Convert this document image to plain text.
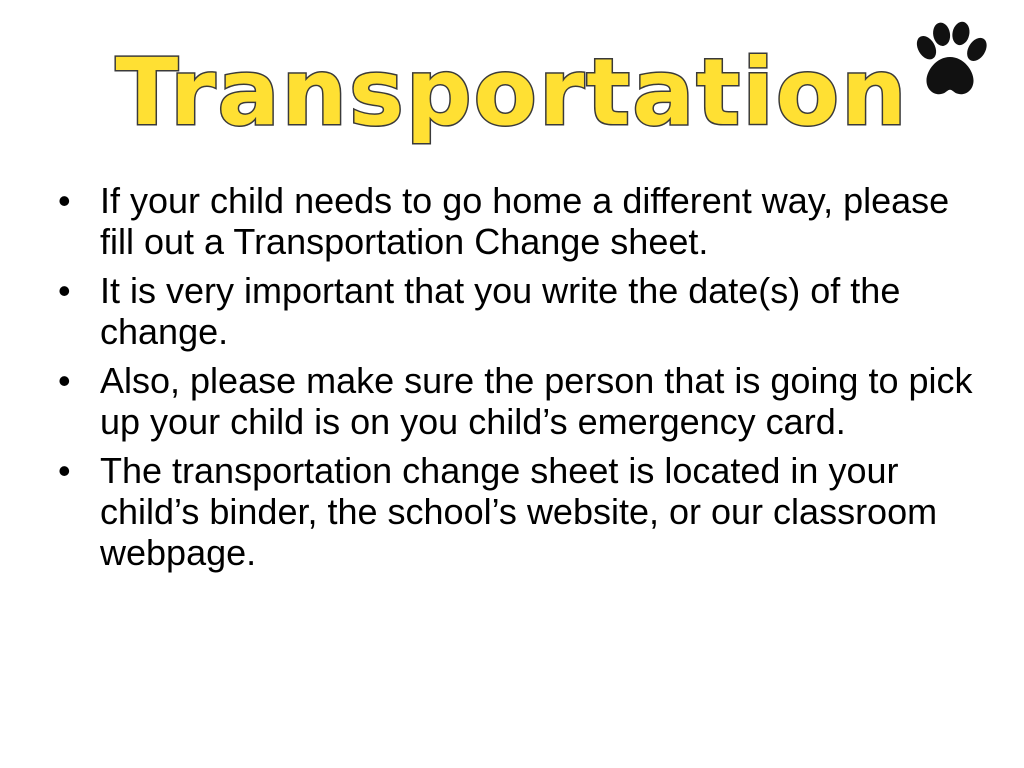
Transportation
• If your child needs to go home a different way, please fill out a Transportation Change sheet.
• It is very important that you write the date(s) of the change.
• Also, please make sure the person that is going to pick up your child is on you child’s emergency card.
• The transportation change sheet is located in your child’s binder, the school’s website, or our classroom webpage.
